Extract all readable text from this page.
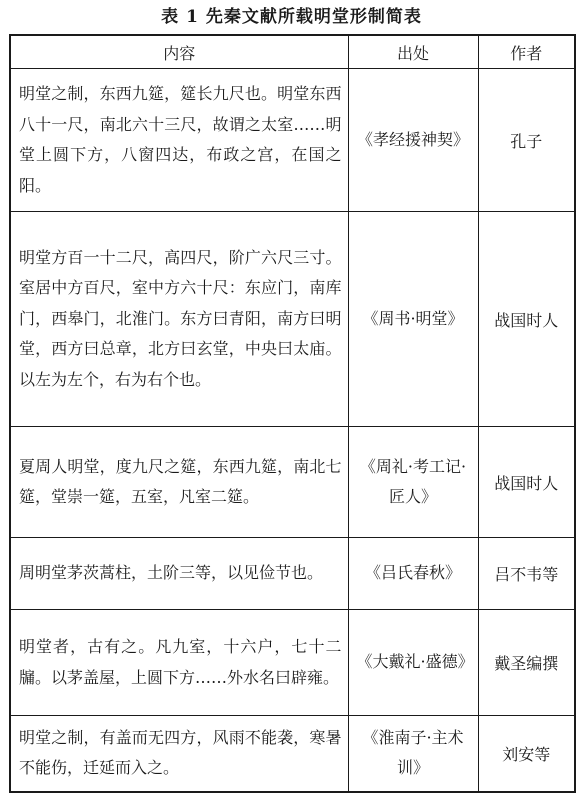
表 1 先秦文献所载明堂形制简表
内容	出处	作者
明堂之制，东西九筵，筵长九尺也。明堂东西八十一尺，南北六十三尺，故谓之太室……明堂上圆下方，八窗四达，布政之宫，在国之阳。	《孝经援神契》	孔子
明堂方百一十二尺，高四尺，阶广六尺三寸。室居中方百尺，室中方六十尺：东应门，南库门，西皋门，北淮门。东方曰青阳，南方曰明堂，西方曰总章，北方曰玄堂，中央曰太庙。以左为左个，右为右个也。	《周书·明堂》	战国时人
夏周人明堂，度九尺之筵，东西九筵，南北七筵，堂崇一筵，五室，凡室二筵。	《周礼·考工记·匠人》	战国时人
周明堂茅茨蒿柱，土阶三等，以见俭节也。	《吕氏春秋》	吕不韦等
明堂者，古有之。凡九室，十六户，七十二牖。以茅盖屋，上圆下方……外水名曰辟雍。	《大戴礼·盛德》	戴圣编撰
明堂之制，有盖而无四方，风雨不能袭，寒暑不能伤，迁延而入之。	《淮南子·主术训》	刘安等
